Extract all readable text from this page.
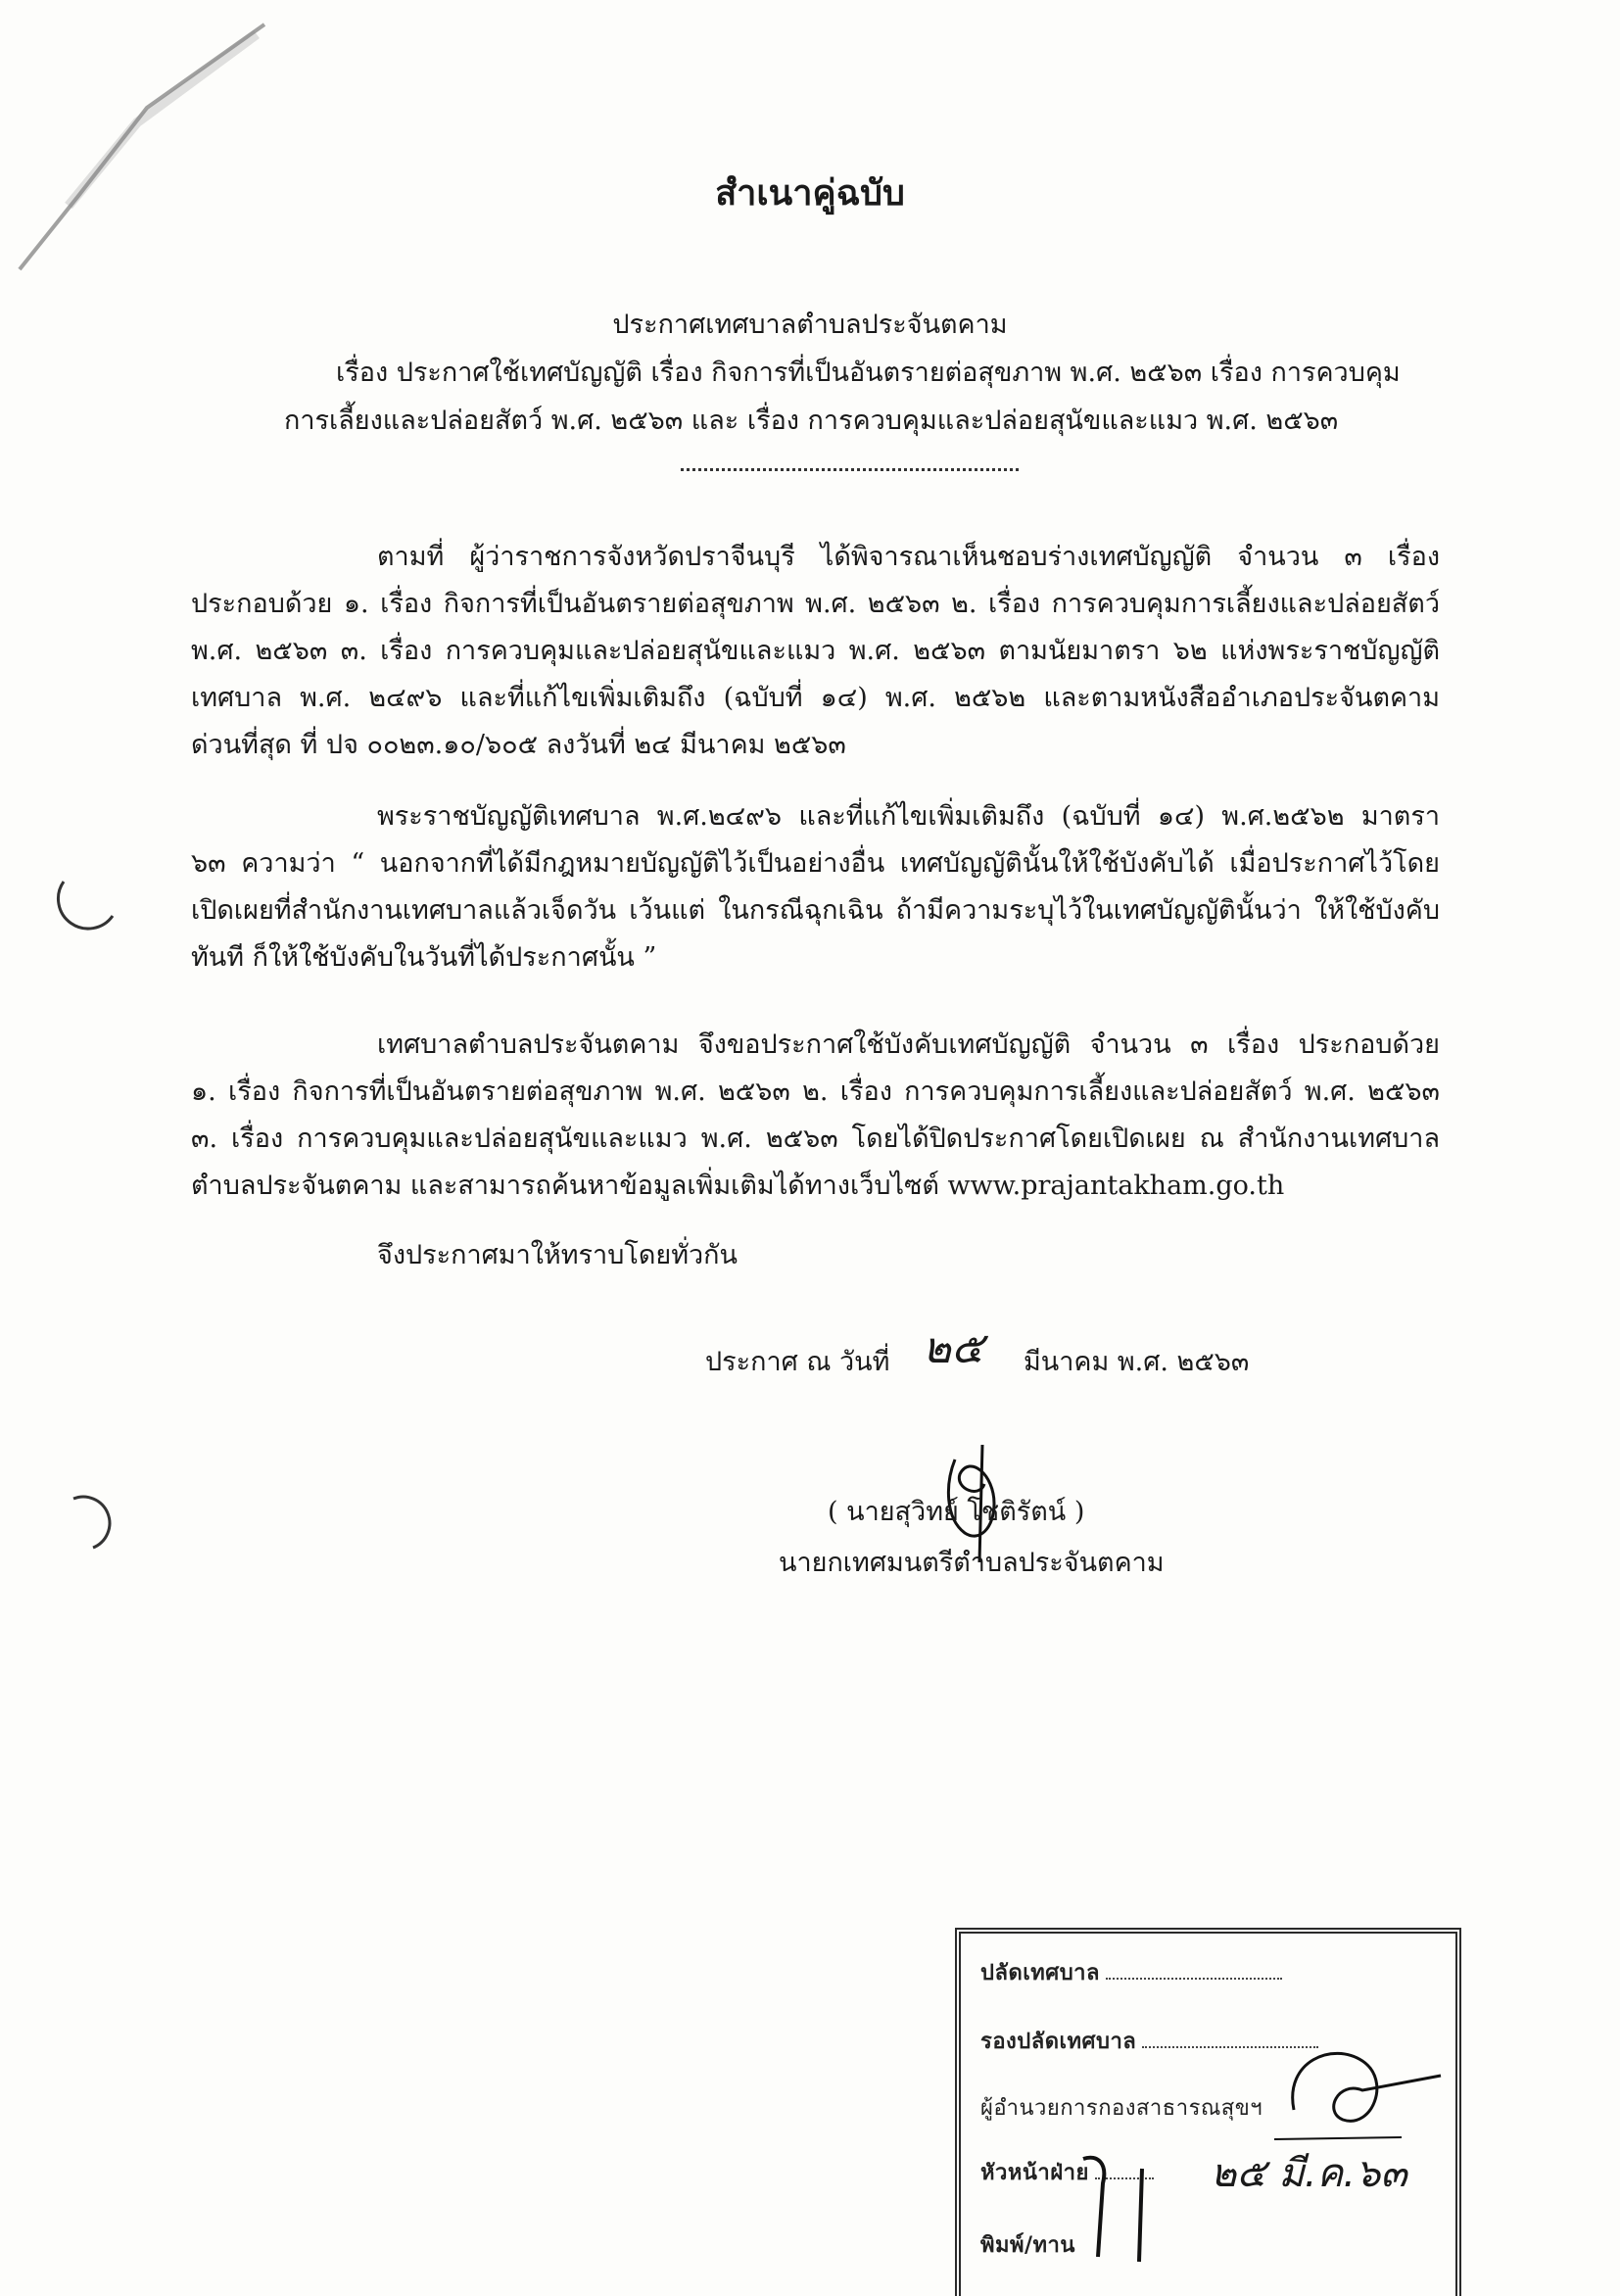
สำเนาคู่ฉบับ
ประกาศเทศบาลตำบลประจันตคาม
เรื่อง ประกาศใช้เทศบัญญัติ เรื่อง กิจการที่เป็นอันตรายต่อสุขภาพ พ.ศ. ๒๕๖๓ เรื่อง การควบคุม
การเลี้ยงและปล่อยสัตว์ พ.ศ. ๒๕๖๓ และ เรื่อง การควบคุมและปล่อยสุนัขและแมว พ.ศ. ๒๕๖๓
ตามที่ ผู้ว่าราชการจังหวัดปราจีนบุรี ได้พิจารณาเห็นชอบร่างเทศบัญญัติ จำนวน ๓ เรื่อง
ประกอบด้วย ๑. เรื่อง กิจการที่เป็นอันตรายต่อสุขภาพ พ.ศ. ๒๕๖๓ ๒. เรื่อง การควบคุมการเลี้ยงและปล่อยสัตว์
พ.ศ. ๒๕๖๓ ๓. เรื่อง การควบคุมและปล่อยสุนัขและแมว พ.ศ. ๒๕๖๓ ตามนัยมาตรา ๖๒ แห่งพระราชบัญญัติ
เทศบาล พ.ศ. ๒๔๙๖ และที่แก้ไขเพิ่มเติมถึง (ฉบับที่ ๑๔) พ.ศ. ๒๕๖๒ และตามหนังสืออำเภอประจันตคาม
ด่วนที่สุด ที่ ปจ ๐๐๒๓.๑๐/๖๐๕ ลงวันที่ ๒๔ มีนาคม ๒๕๖๓
พระราชบัญญัติเทศบาล พ.ศ.๒๔๙๖ และที่แก้ไขเพิ่มเติมถึง (ฉบับที่ ๑๔) พ.ศ.๒๕๖๒ มาตรา
๖๓ ความว่า “ นอกจากที่ได้มีกฎหมายบัญญัติไว้เป็นอย่างอื่น เทศบัญญัตินั้นให้ใช้บังคับได้ เมื่อประกาศไว้โดย
เปิดเผยที่สำนักงานเทศบาลแล้วเจ็ดวัน เว้นแต่ ในกรณีฉุกเฉิน ถ้ามีความระบุไว้ในเทศบัญญัตินั้นว่า ให้ใช้บังคับ
ทันที ก็ให้ใช้บังคับในวันที่ได้ประกาศนั้น ”
เทศบาลตำบลประจันตคาม จึงขอประกาศใช้บังคับเทศบัญญัติ จำนวน ๓ เรื่อง ประกอบด้วย
๑. เรื่อง กิจการที่เป็นอันตรายต่อสุขภาพ พ.ศ. ๒๕๖๓ ๒. เรื่อง การควบคุมการเลี้ยงและปล่อยสัตว์ พ.ศ. ๒๕๖๓
๓. เรื่อง การควบคุมและปล่อยสุนัขและแมว พ.ศ. ๒๕๖๓ โดยได้ปิดประกาศโดยเปิดเผย ณ สำนักงานเทศบาล
ตำบลประจันตคาม และสามารถค้นหาข้อมูลเพิ่มเติมได้ทางเว็บไซต์ www.prajantakham.go.th
จึงประกาศมาให้ทราบโดยทั่วกัน
ประกาศ ณ วันที่ ๒๕ มีนาคม พ.ศ. ๒๕๖๓
( นายสุวิทย์ โชติรัตน์ )
นายกเทศมนตรีตำบลประจันตคาม
ปลัดเทศบาล
รองปลัดเทศบาล
ผู้อำนวยการกองสาธารณสุขฯ
หัวหน้าฝ่าย
พิมพ์/ทาน
๒๕ มี.ค.๖๓
